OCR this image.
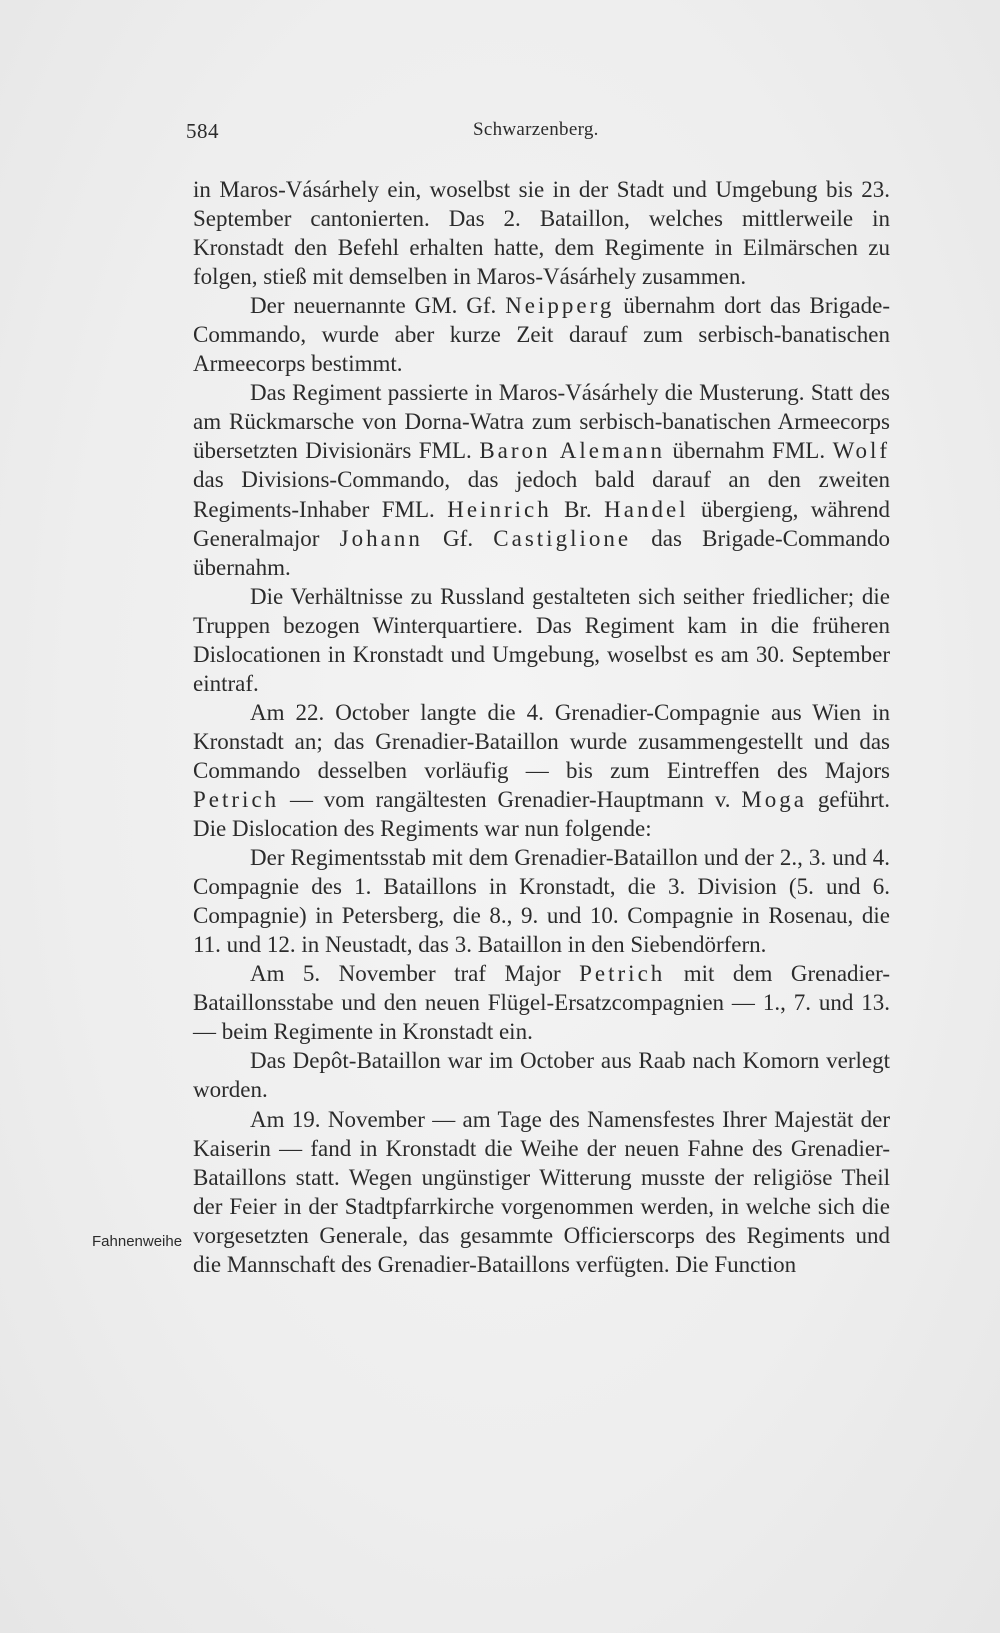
584	Schwarzenberg.
Fahnenweihe

in Maros-Vásárhely ein, woselbst sie in der Stadt und Umgebung bis 23. September cantonierten. Das 2. Bataillon, welches mittlerweile in Kronstadt den Befehl erhalten hatte, dem Regimente in Eilmärschen zu folgen, stieß mit demselben in Maros-Vásárhely zusammen.

Der neuernannte GM. Gf. Neipperg übernahm dort das Brigade-Commando, wurde aber kurze Zeit darauf zum serbisch-banatischen Armeecorps bestimmt.

Das Regiment passierte in Maros-Vásárhely die Musterung. Statt des am Rückmarsche von Dorna-Watra zum serbisch-banatischen Armeecorps übersetzten Divisionärs FML. Baron Alemann übernahm FML. Wolf das Divisions-Commando, das jedoch bald darauf an den zweiten Regiments-Inhaber FML. Heinrich Br. Handel übergieng, während Generalmajor Johann Gf. Castiglione das Brigade-Commando übernahm.

Die Verhältnisse zu Russland gestalteten sich seither friedlicher; die Truppen bezogen Winterquartiere. Das Regiment kam in die früheren Dislocationen in Kronstadt und Umgebung, woselbst es am 30. September eintraf.

Am 22. October langte die 4. Grenadier-Compagnie aus Wien in Kronstadt an; das Grenadier-Bataillon wurde zusammengestellt und das Commando desselben vorläufig — bis zum Eintreffen des Majors Petrich — vom rangältesten Grenadier-Hauptmann v. Moga geführt. Die Dislocation des Regiments war nun folgende:

Der Regimentsstab mit dem Grenadier-Bataillon und der 2., 3. und 4. Compagnie des 1. Bataillons in Kronstadt, die 3. Division (5. und 6. Compagnie) in Petersberg, die 8., 9. und 10. Compagnie in Rosenau, die 11. und 12. in Neustadt, das 3. Bataillon in den Siebendörfern.

Am 5. November traf Major Petrich mit dem Grenadier-Bataillonsstabe und den neuen Flügel-Ersatzcompagnien — 1., 7. und 13. — beim Regimente in Kronstadt ein.

Das Depôt-Bataillon war im October aus Raab nach Komorn verlegt worden.

Am 19. November — am Tage des Namensfestes Ihrer Majestät der Kaiserin — fand in Kronstadt die Weihe der neuen Fahne des Grenadier-Bataillons statt. Wegen ungünstiger Witterung musste der religiöse Theil der Feier in der Stadtpfarrkirche vorgenommen werden, in welche sich die vorgesetzten Generale, das gesammte Officierscorps des Regiments und die Mannschaft des Grenadier-Bataillons verfügten. Die Function
